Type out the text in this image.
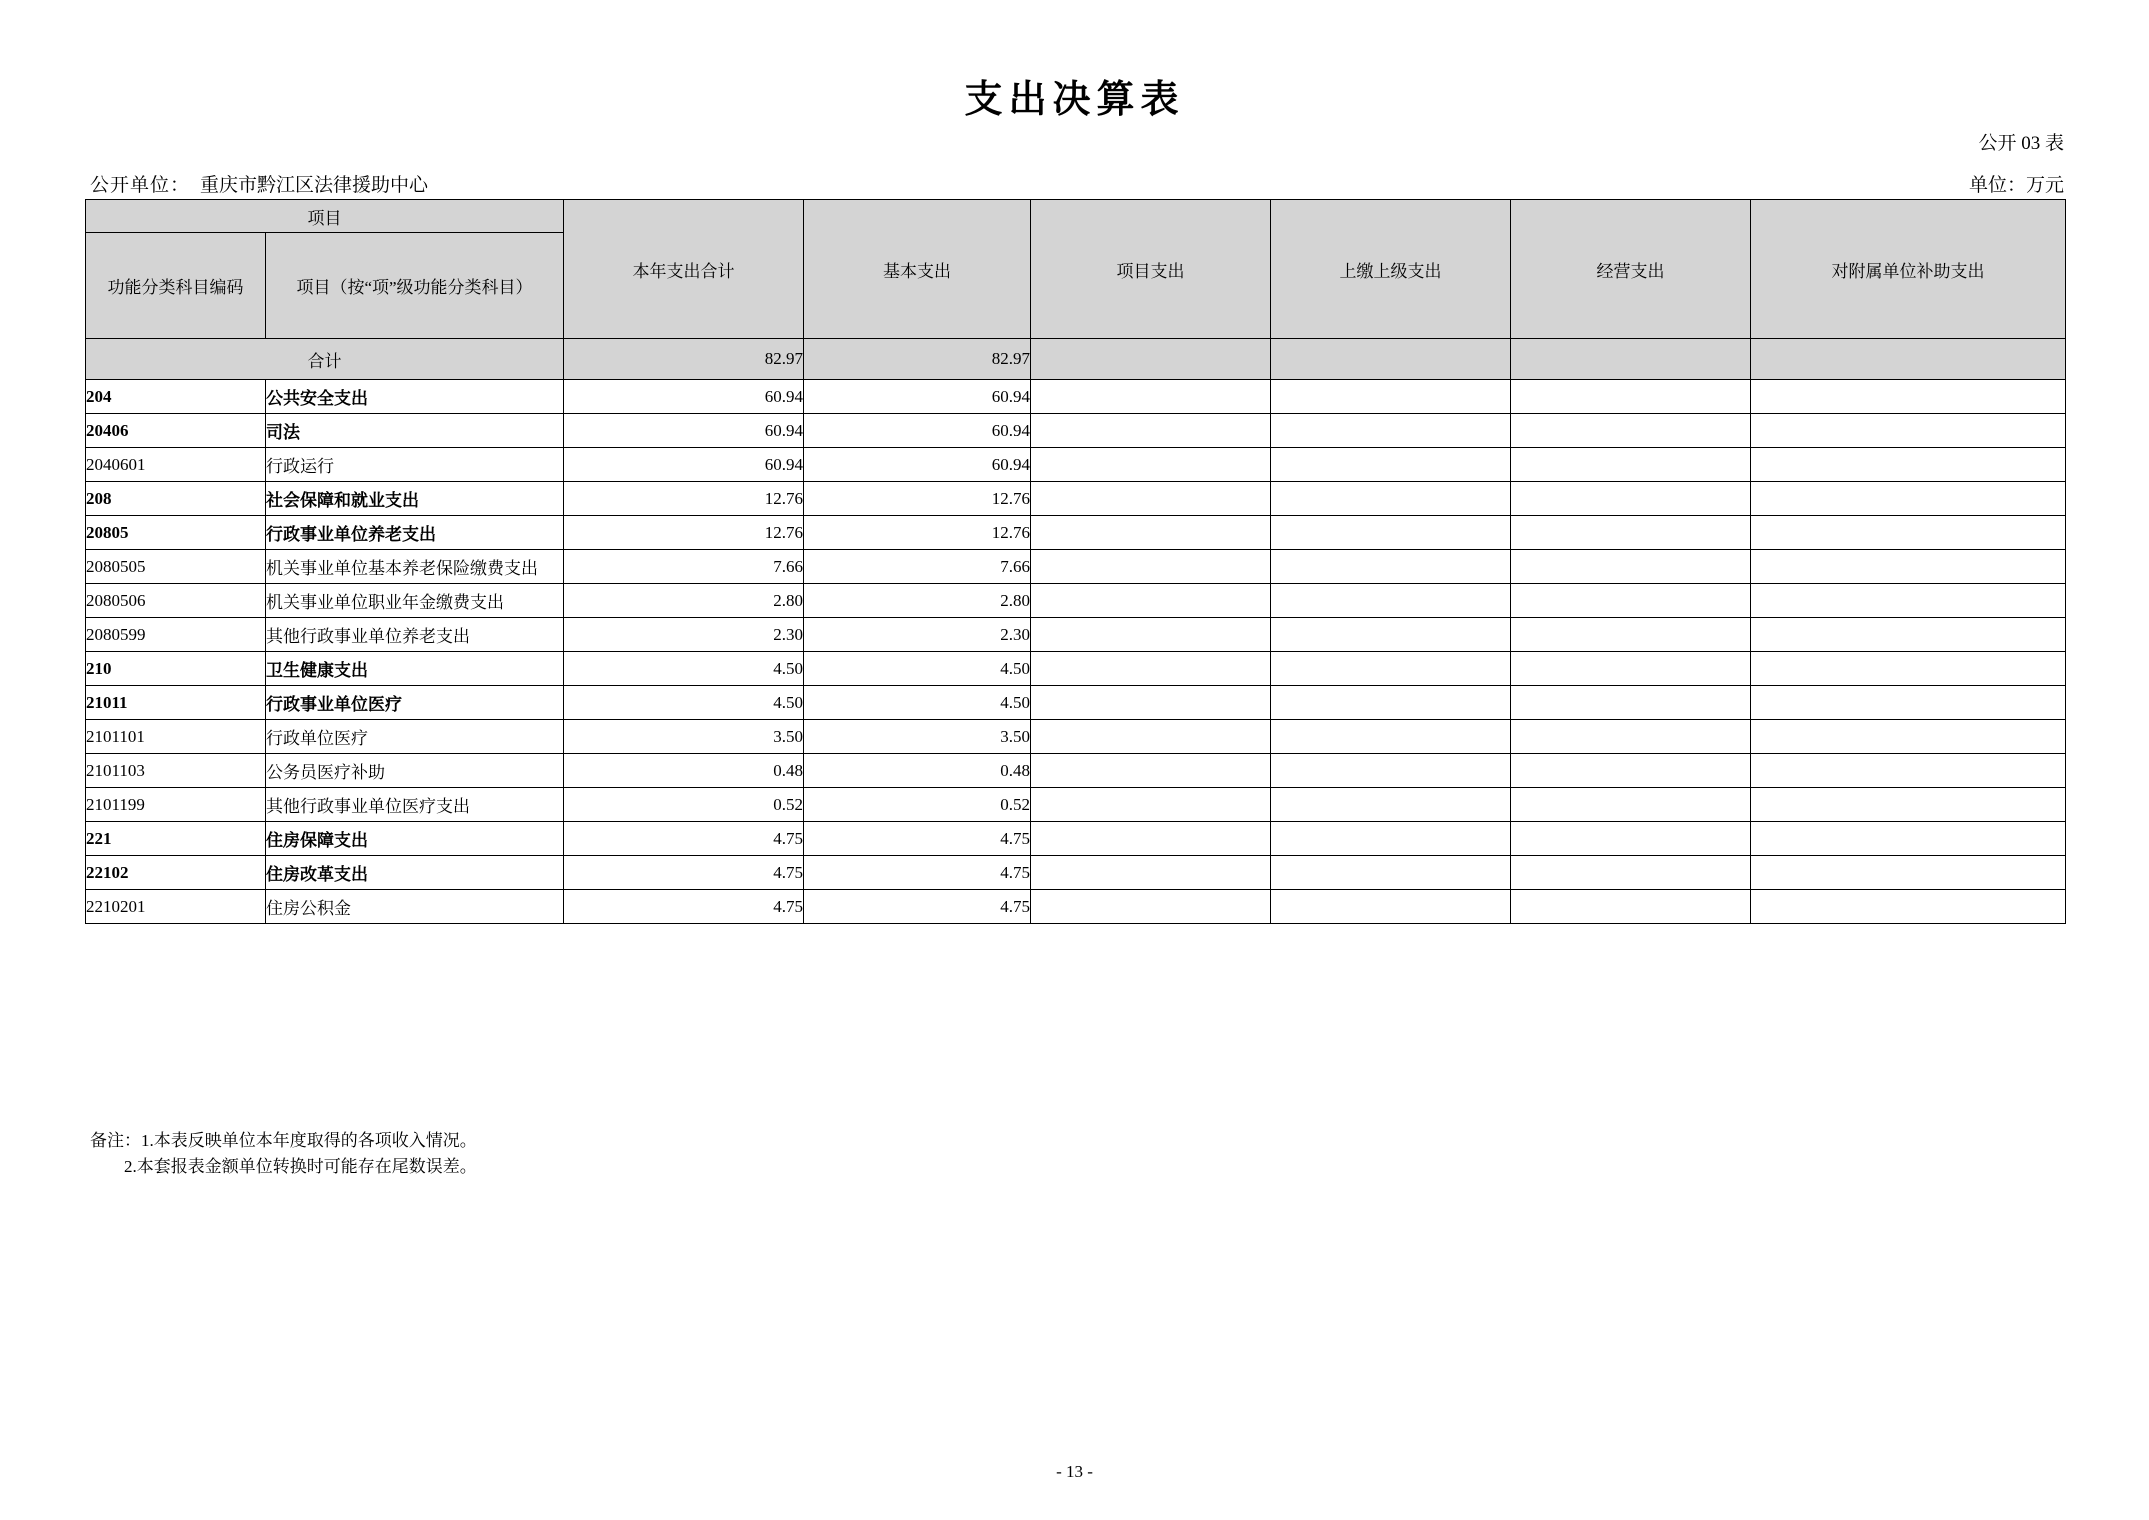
支出决算表
公开 03 表
公开单位： 重庆市黔江区法律援助中心	单位：万元
项目		本年支出合计	基本支出	项目支出	上缴上级支出	经营支出	对附属单位补助支出
功能分类科目编码	项目（按“项”级功能分类科目）						
合计		82.97	82.97				
204	公共安全支出	60.94	60.94				
20406	司法	60.94	60.94				
2040601	行政运行	60.94	60.94				
208	社会保障和就业支出	12.76	12.76				
20805	行政事业单位养老支出	12.76	12.76				
2080505	机关事业单位基本养老保险缴费支出	7.66	7.66				
2080506	机关事业单位职业年金缴费支出	2.80	2.80				
2080599	其他行政事业单位养老支出	2.30	2.30				
210	卫生健康支出	4.50	4.50				
21011	行政事业单位医疗	4.50	4.50				
2101101	行政单位医疗	3.50	3.50				
2101103	公务员医疗补助	0.48	0.48				
2101199	其他行政事业单位医疗支出	0.52	0.52				
221	住房保障支出	4.75	4.75				
22102	住房改革支出	4.75	4.75				
2210201	住房公积金	4.75	4.75				
备注：1.本表反映单位本年度取得的各项收入情况。
2.本套报表金额单位转换时可能存在尾数误差。
- 13 -
